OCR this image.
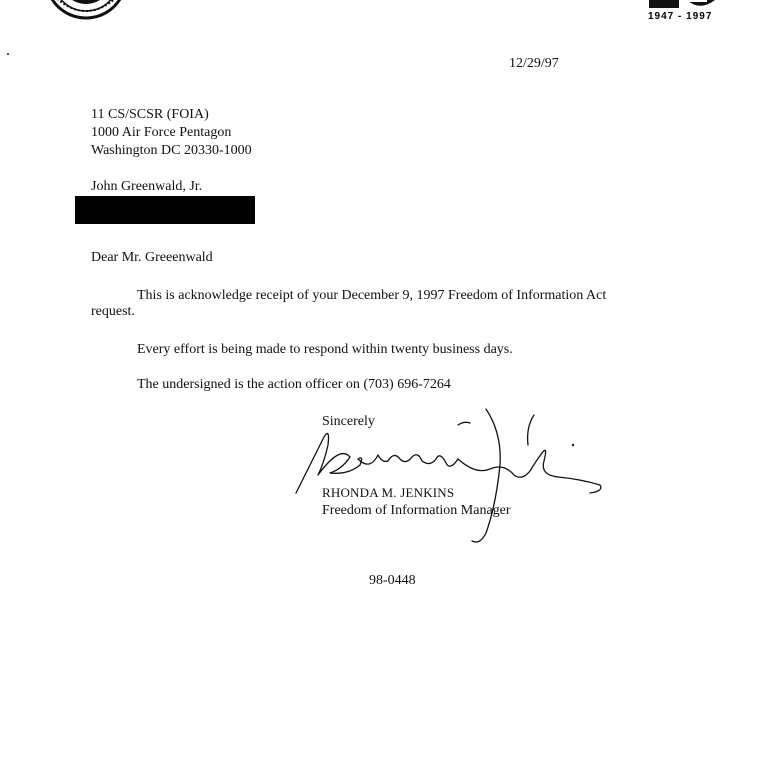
1947 - 1997
12/29/97
11 CS/SCSR (FOIA)
1000 Air Force Pentagon
Washington DC 20330-1000
John Greenwald, Jr.
Dear Mr. Greeenwald
This is acknowledge receipt of your December 9, 1997 Freedom of Information Act
request.
Every effort is being made to respond within twenty business days.
The undersigned is the action officer on (703) 696-7264
Sincerely
RHONDA M. JENKINS
Freedom of Information Manager
98-0448
